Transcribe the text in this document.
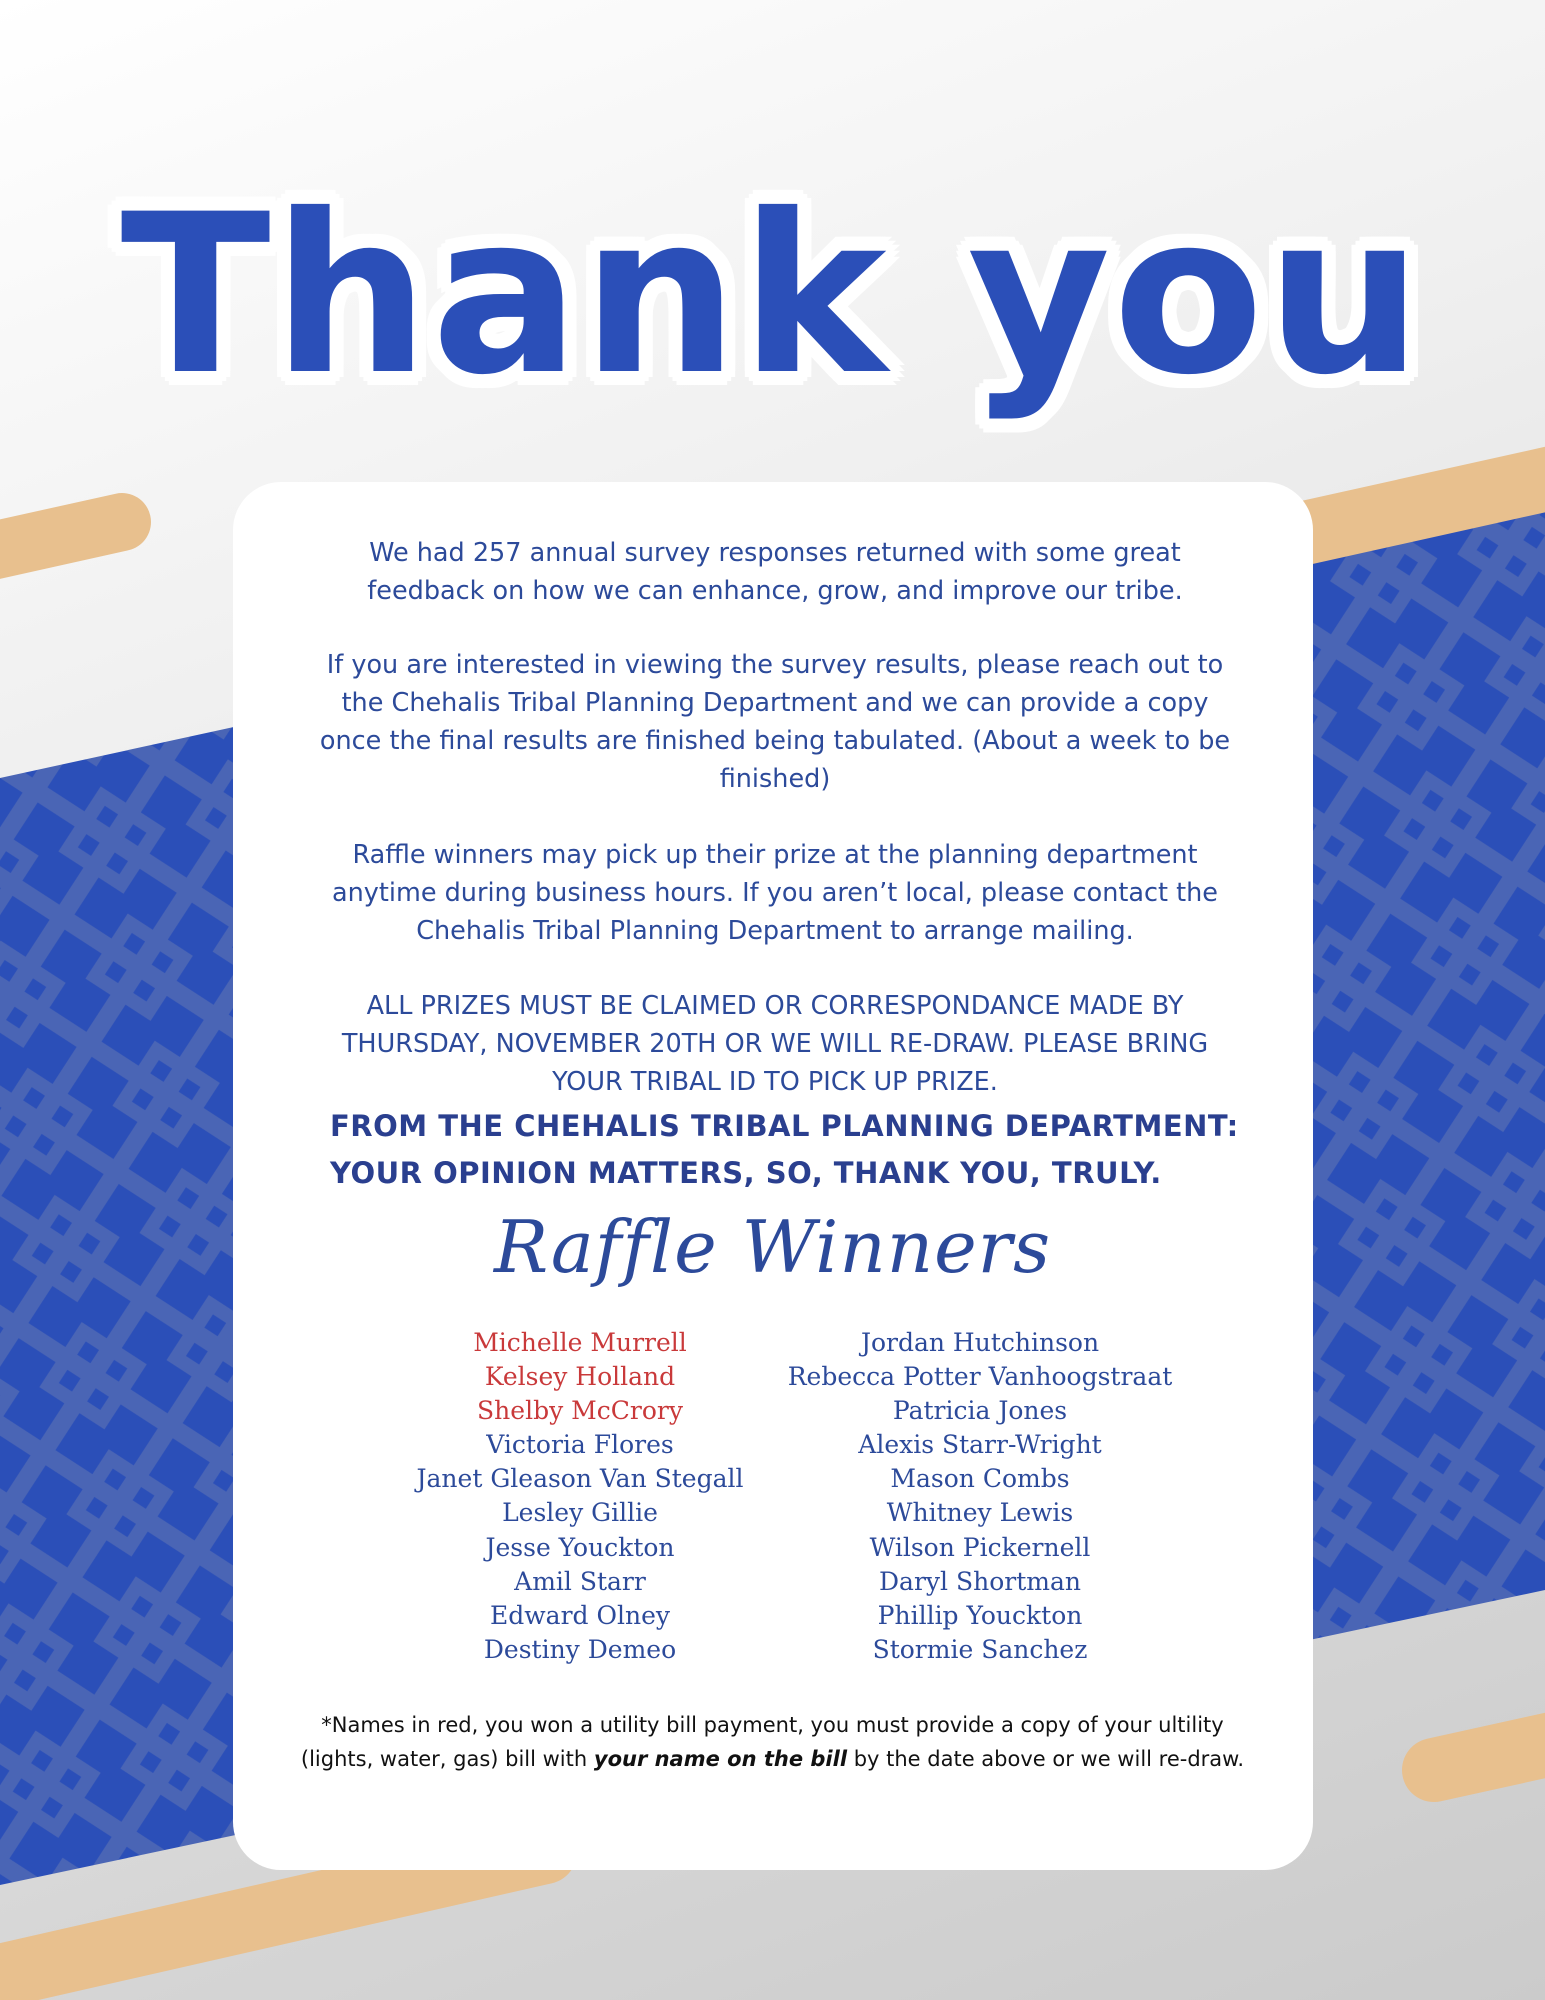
Thank you

We had 257 annual survey responses returned with some great feedback on how we can enhance, grow, and improve our tribe.

If you are interested in viewing the survey results, please reach out to the Chehalis Tribal Planning Department and we can provide a copy once the final results are finished being tabulated. (About a week to be finished)

Raffle winners may pick up their prize at the planning department anytime during business hours. If you aren’t local, please contact the Chehalis Tribal Planning Department to arrange mailing.

ALL PRIZES MUST BE CLAIMED OR CORRESPONDANCE MADE BY THURSDAY, NOVEMBER 20TH OR WE WILL RE-DRAW. PLEASE BRING YOUR TRIBAL ID TO PICK UP PRIZE.

FROM THE CHEHALIS TRIBAL PLANNING DEPARTMENT: YOUR OPINION MATTERS, SO, THANK YOU, TRULY.

Raffle Winners

Michelle Murrell
Kelsey Holland
Shelby McCrory
Victoria Flores
Janet Gleason Van Stegall
Lesley Gillie
Jesse Youckton
Amil Starr
Edward Olney
Destiny Demeo
Jordan Hutchinson
Rebecca Potter Vanhoogstraat
Patricia Jones
Alexis Starr-Wright
Mason Combs
Whitney Lewis
Wilson Pickernell
Daryl Shortman
Phillip Youckton
Stormie Sanchez

*Names in red, you won a utility bill payment, you must provide a copy of your ultility (lights, water, gas) bill with your name on the bill by the date above or we will re-draw.
